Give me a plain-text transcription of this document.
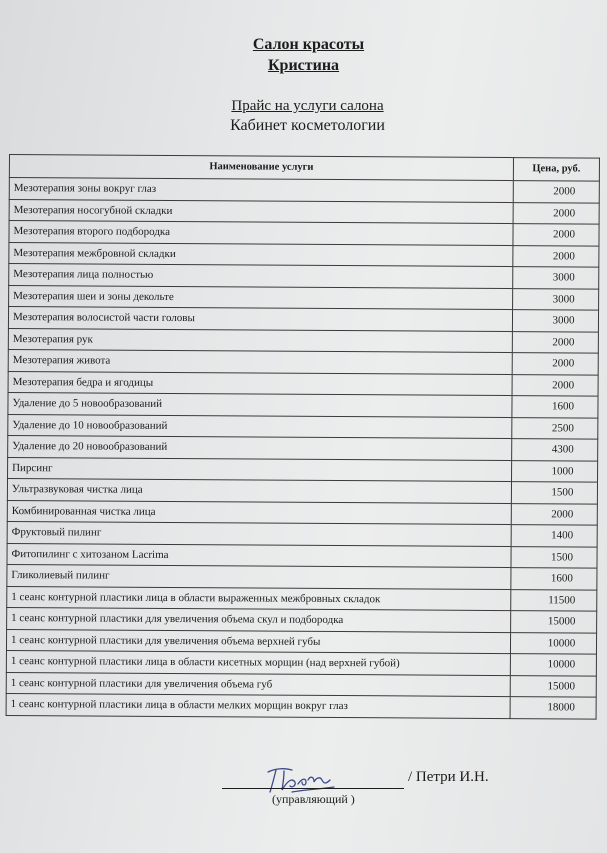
Салон красоты
Кристина
Прайс на услуги салона
Кабинет косметологии
Наименование услуги	Цена, руб.
Мезотерапия зоны вокруг глаз	2000
Мезотерапия носогубной складки	2000
Мезотерапия второго подбородка	2000
Мезотерапия межбровной складки	2000
Мезотерапия лица полностью	3000
Мезотерапия шеи и зоны декольте	3000
Мезотерапия волосистой части головы	3000
Мезотерапия рук	2000
Мезотерапия живота	2000
Мезотерапия бедра и ягодицы	2000
Удаление до 5 новообразований	1600
Удаление до 10 новообразований	2500
Удаление до 20 новообразований	4300
Пирсинг	1000
Ультразвуковая чистка лица	1500
Комбинированная чистка лица	2000
Фруктовый пилинг	1400
Фитопилинг с хитозаном Lacrima	1500
Гликолиевый пилинг	1600
1 сеанс контурной пластики лица в области выраженных межбровных складок	11500
1 сеанс контурной пластики для увеличения объема скул и подбородка	15000
1 сеанс контурной пластики для увеличения объема верхней губы	10000
1 сеанс контурной пластики лица в области кисетных морщин (над верхней губой)	10000
1 сеанс контурной пластики для увеличения объема губ	15000
1 сеанс контурной пластики лица в области мелких морщин вокруг глаз	18000
/ Петри И.Н.
(управляющий )
